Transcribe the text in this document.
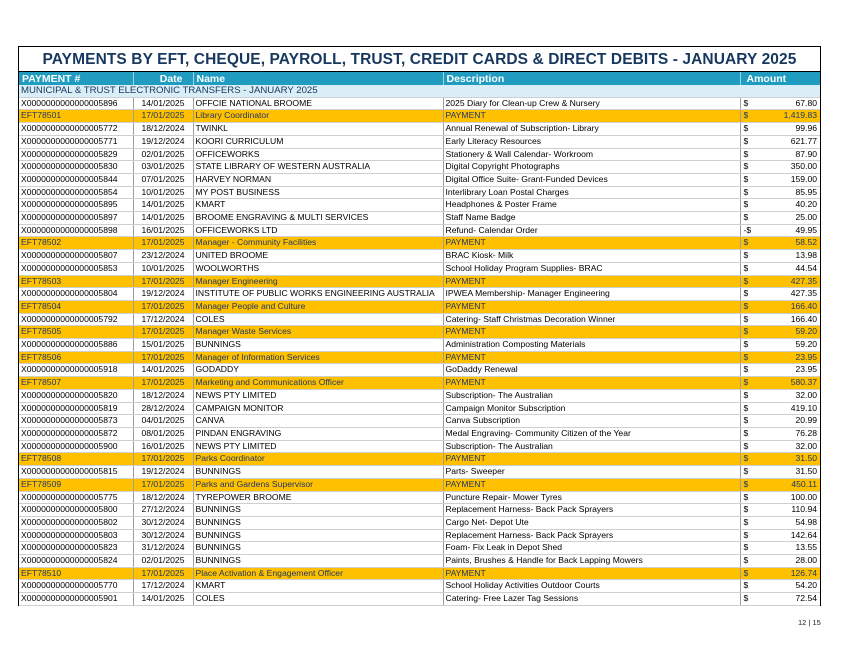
PAYMENTS BY EFT, CHEQUE, PAYROLL, TRUST, CREDIT CARDS & DIRECT DEBITS - JANUARY 2025
PAYMENT #	Date	Name	Description	Amount	
MUNICIPAL & TRUST ELECTRONIC TRANSFERS - JANUARY 2025					
X0000000000000005896	14/01/2025	OFFCIE NATIONAL BROOME	2025 Diary for Clean-up Crew & Nursery	$	67.80
EFT78501	17/01/2025	Library Coordinator	PAYMENT	$	1,419.83
X0000000000000005772	18/12/2024	TWINKL	Annual Renewal of Subscription- Library	$	99.96
X0000000000000005771	19/12/2024	KOORI CURRICULUM	Early Literacy Resources	$	621.77
X0000000000000005829	02/01/2025	OFFICEWORKS	Stationery & Wall Calendar- Workroom	$	87.90
X0000000000000005830	03/01/2025	STATE LIBRARY OF WESTERN AUSTRALIA	Digital Copyright Photographs	$	350.00
X0000000000000005844	07/01/2025	HARVEY NORMAN	Digital Office Suite- Grant-Funded Devices	$	159.00
X0000000000000005854	10/01/2025	MY POST BUSINESS	Interlibrary Loan Postal Charges	$	85.95
X0000000000000005895	14/01/2025	KMART	Headphones & Poster Frame	$	40.20
X0000000000000005897	14/01/2025	BROOME ENGRAVING & MULTI SERVICES	Staff Name Badge	$	25.00
X0000000000000005898	16/01/2025	OFFICEWORKS LTD	Refund- Calendar Order	-$	49.95
EFT78502	17/01/2025	Manager - Community Facilities	PAYMENT	$	58.52
X0000000000000005807	23/12/2024	UNITED BROOME	BRAC Kiosk- Milk	$	13.98
X0000000000000005853	10/01/2025	WOOLWORTHS	School Holiday Program Supplies- BRAC	$	44.54
EFT78503	17/01/2025	Manager Engineering	PAYMENT	$	427.35
X0000000000000005804	19/12/2024	INSTITUTE OF PUBLIC WORKS ENGINEERING AUSTRALIA	IPWEA Membership- Manager Engineering	$	427.35
EFT78504	17/01/2025	Manager People and Culture	PAYMENT	$	166.40
X0000000000000005792	17/12/2024	COLES	Catering- Staff Christmas Decoration Winner	$	166.40
EFT78505	17/01/2025	Manager Waste Services	PAYMENT	$	59.20
X0000000000000005886	15/01/2025	BUNNINGS	Administration Composting Materials	$	59.20
EFT78506	17/01/2025	Manager of Information Services	PAYMENT	$	23.95
X0000000000000005918	14/01/2025	GODADDY	GoDaddy Renewal	$	23.95
EFT78507	17/01/2025	Marketing and Communications Officer	PAYMENT	$	580.37
X0000000000000005820	18/12/2024	NEWS PTY LIMITED	Subscription- The Australian	$	32.00
X0000000000000005819	28/12/2024	CAMPAIGN MONITOR	Campaign Monitor Subscription	$	419.10
X0000000000000005873	04/01/2025	CANVA	Canva Subscription	$	20.99
X0000000000000005872	08/01/2025	PINDAN ENGRAVING	Medal Engraving- Community Citizen of the Year	$	76.28
X0000000000000005900	16/01/2025	NEWS PTY LIMITED	Subscription- The Australian	$	32.00
EFT78508	17/01/2025	Parks Coordinator	PAYMENT	$	31.50
X0000000000000005815	19/12/2024	BUNNINGS	Parts- Sweeper	$	31.50
EFT78509	17/01/2025	Parks and Gardens Supervisor	PAYMENT	$	450.11
X0000000000000005775	18/12/2024	TYREPOWER BROOME	Puncture Repair- Mower Tyres	$	100.00
X0000000000000005800	27/12/2024	BUNNINGS	Replacement Harness- Back Pack Sprayers	$	110.94
X0000000000000005802	30/12/2024	BUNNINGS	Cargo Net- Depot Ute	$	54.98
X0000000000000005803	30/12/2024	BUNNINGS	Replacement Harness- Back Pack Sprayers	$	142.64
X0000000000000005823	31/12/2024	BUNNINGS	Foam- Fix Leak in Depot Shed	$	13.55
X0000000000000005824	02/01/2025	BUNNINGS	Paints, Brushes & Handle for Back Lapping Mowers	$	28.00
EFT78510	17/01/2025	Place Activation & Engagement Officer	PAYMENT	$	126.74
X0000000000000005770	17/12/2024	KMART	School Holiday Activities Outdoor Courts	$	54.20
X0000000000000005901	14/01/2025	COLES	Catering- Free Lazer Tag Sessions	$	72.54
12 | 15
